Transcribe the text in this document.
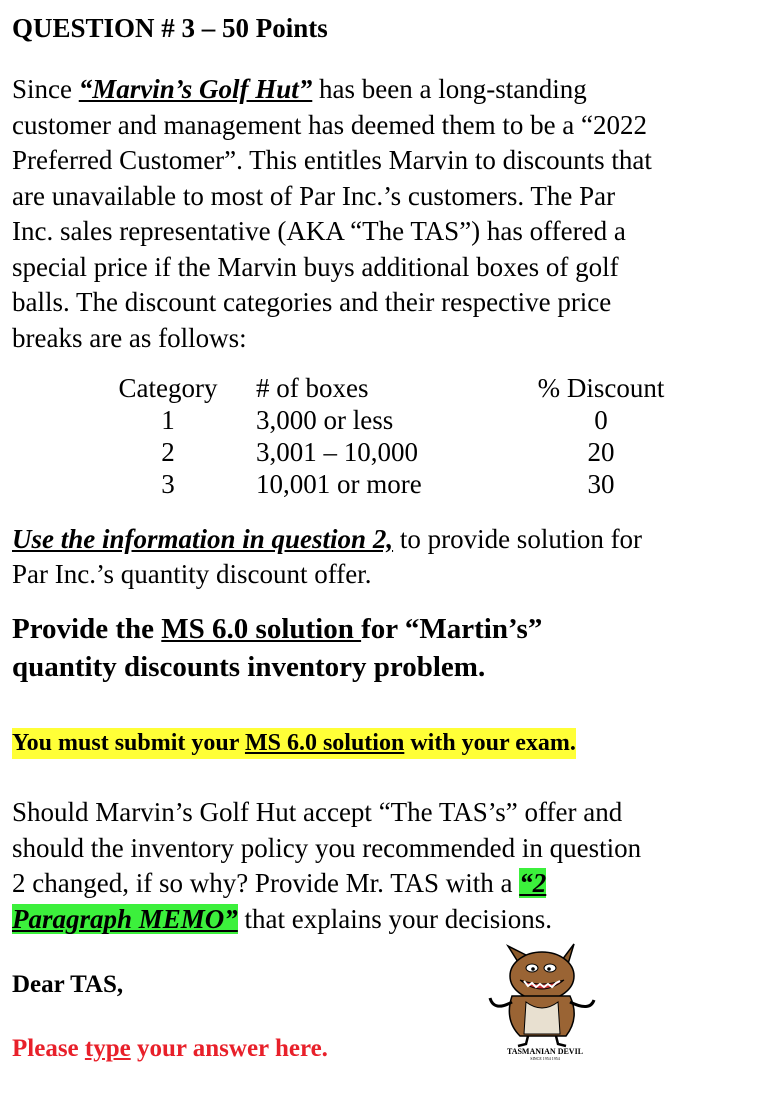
QUESTION # 3 – 50 Points
Since “Marvin’s Golf Hut” has been a long-standing
customer and management has deemed them to be a “2022
Preferred Customer”. This entitles Marvin to discounts that
are unavailable to most of Par Inc.’s customers. The Par
Inc. sales representative (AKA “The TAS”) has offered a
special price if the Marvin buys additional boxes of golf
balls. The discount categories and their respective price
breaks are as follows:
Category	# of boxes	% Discount
1	3,000 or less	0
2	3,001 – 10,000	20
3	10,001 or more	30
Use the information in question 2, to provide solution for
Par Inc.’s quantity discount offer.
Provide the MS 6.0 solution for “Martin’s”
quantity discounts inventory problem.
You must submit your MS 6.0 solution with your exam.
Should Marvin’s Golf Hut accept “The TAS’s” offer and
should the inventory policy you recommended in question
2 changed, if so why? Provide Mr. TAS with a “2
Paragraph MEMO” that explains your decisions.
Dear TAS,
Please type your answer here.	TASMANIAN DEVIL
SINCE 1954 1954
